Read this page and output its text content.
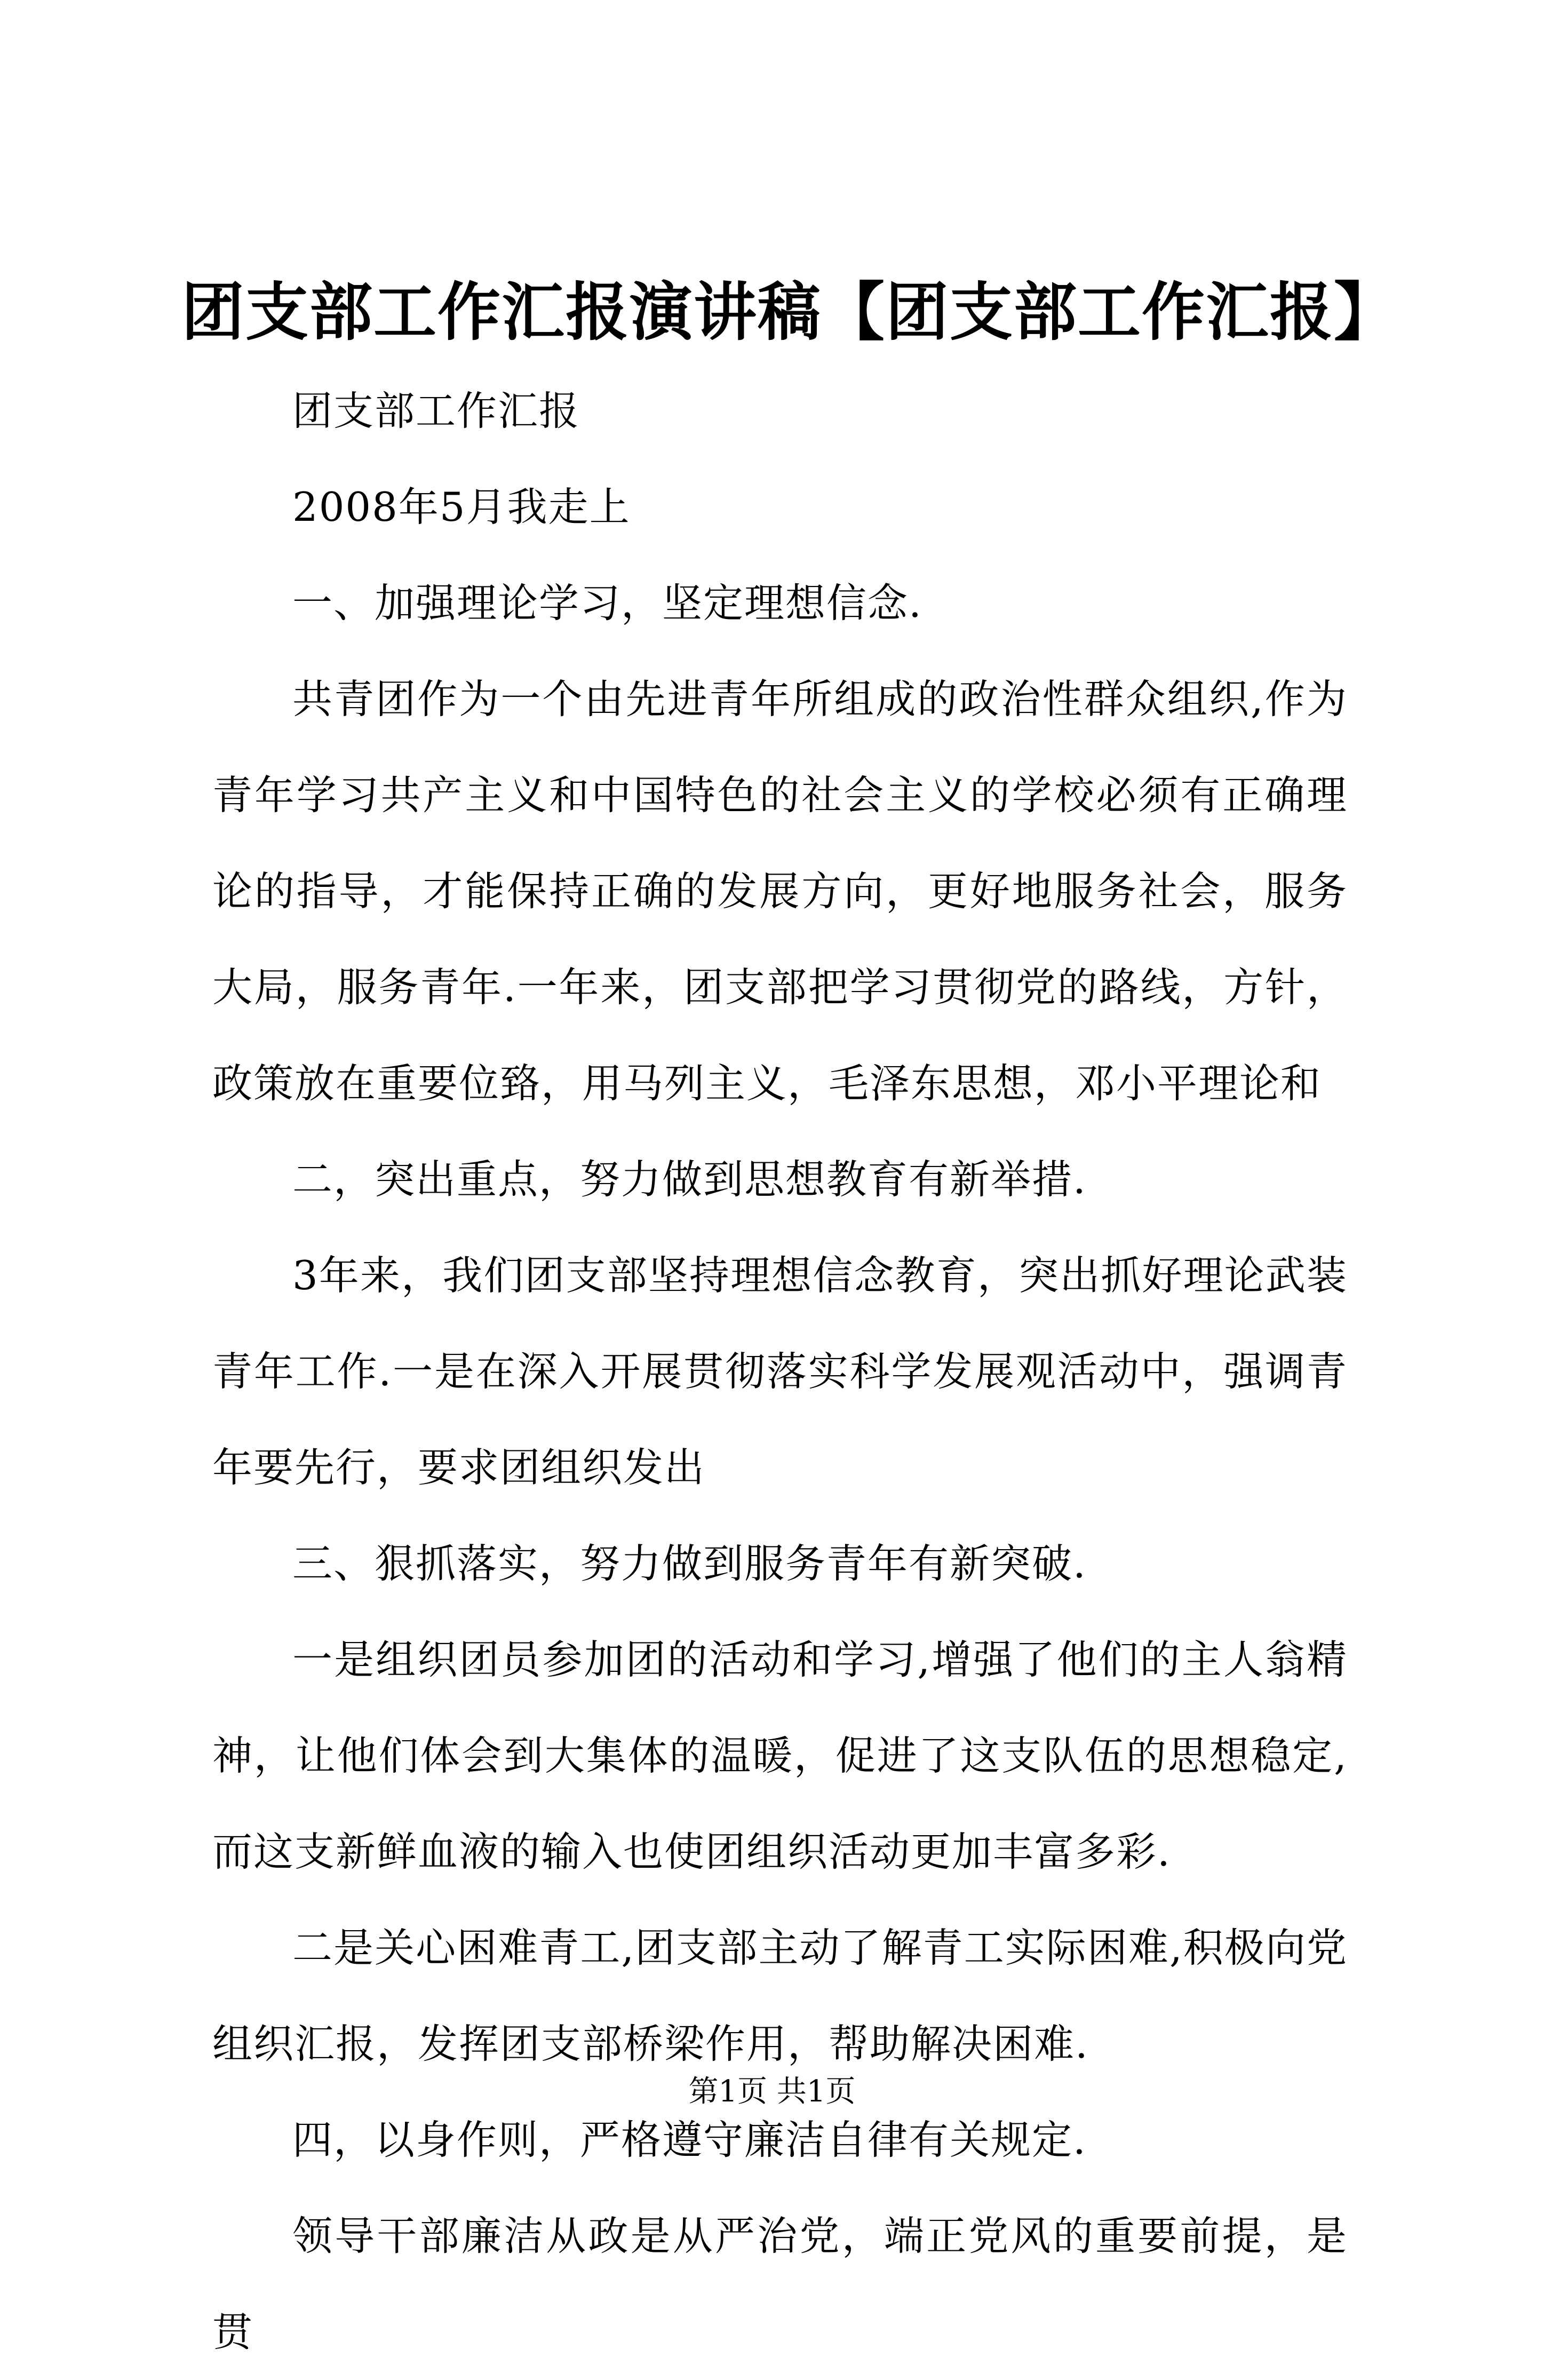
团支部工作汇报演讲稿【团支部工作汇报】

团支部工作汇报

2008年5月我走上

一、加强理论学习，坚定理想信念.

共青团作为一个由先进青年所组成的政治性群众组织,作为青年学习共产主义和中国特色的社会主义的学校必须有正确理论的指导，才能保持正确的发展方向，更好地服务社会，服务大局，服务青年.一年来，团支部把学习贯彻党的路线，方针，政策放在重要位臵，用马列主义，毛泽东思想，邓小平理论和

二，突出重点，努力做到思想教育有新举措.

3年来，我们团支部坚持理想信念教育，突出抓好理论武装青年工作.一是在深入开展贯彻落实科学发展观活动中，强调青年要先行，要求团组织发出

三、狠抓落实，努力做到服务青年有新突破.

一是组织团员参加团的活动和学习,增强了他们的主人翁精神，让他们体会到大集体的温暖，促进了这支队伍的思想稳定,而这支新鲜血液的输入也使团组织活动更加丰富多彩.

二是关心困难青工,团支部主动了解青工实际困难,积极向党组织汇报，发挥团支部桥梁作用，帮助解决困难.

四，以身作则，严格遵守廉洁自律有关规定.

领导干部廉洁从政是从严治党，端正党风的重要前提，是贯

第1页 共1页
